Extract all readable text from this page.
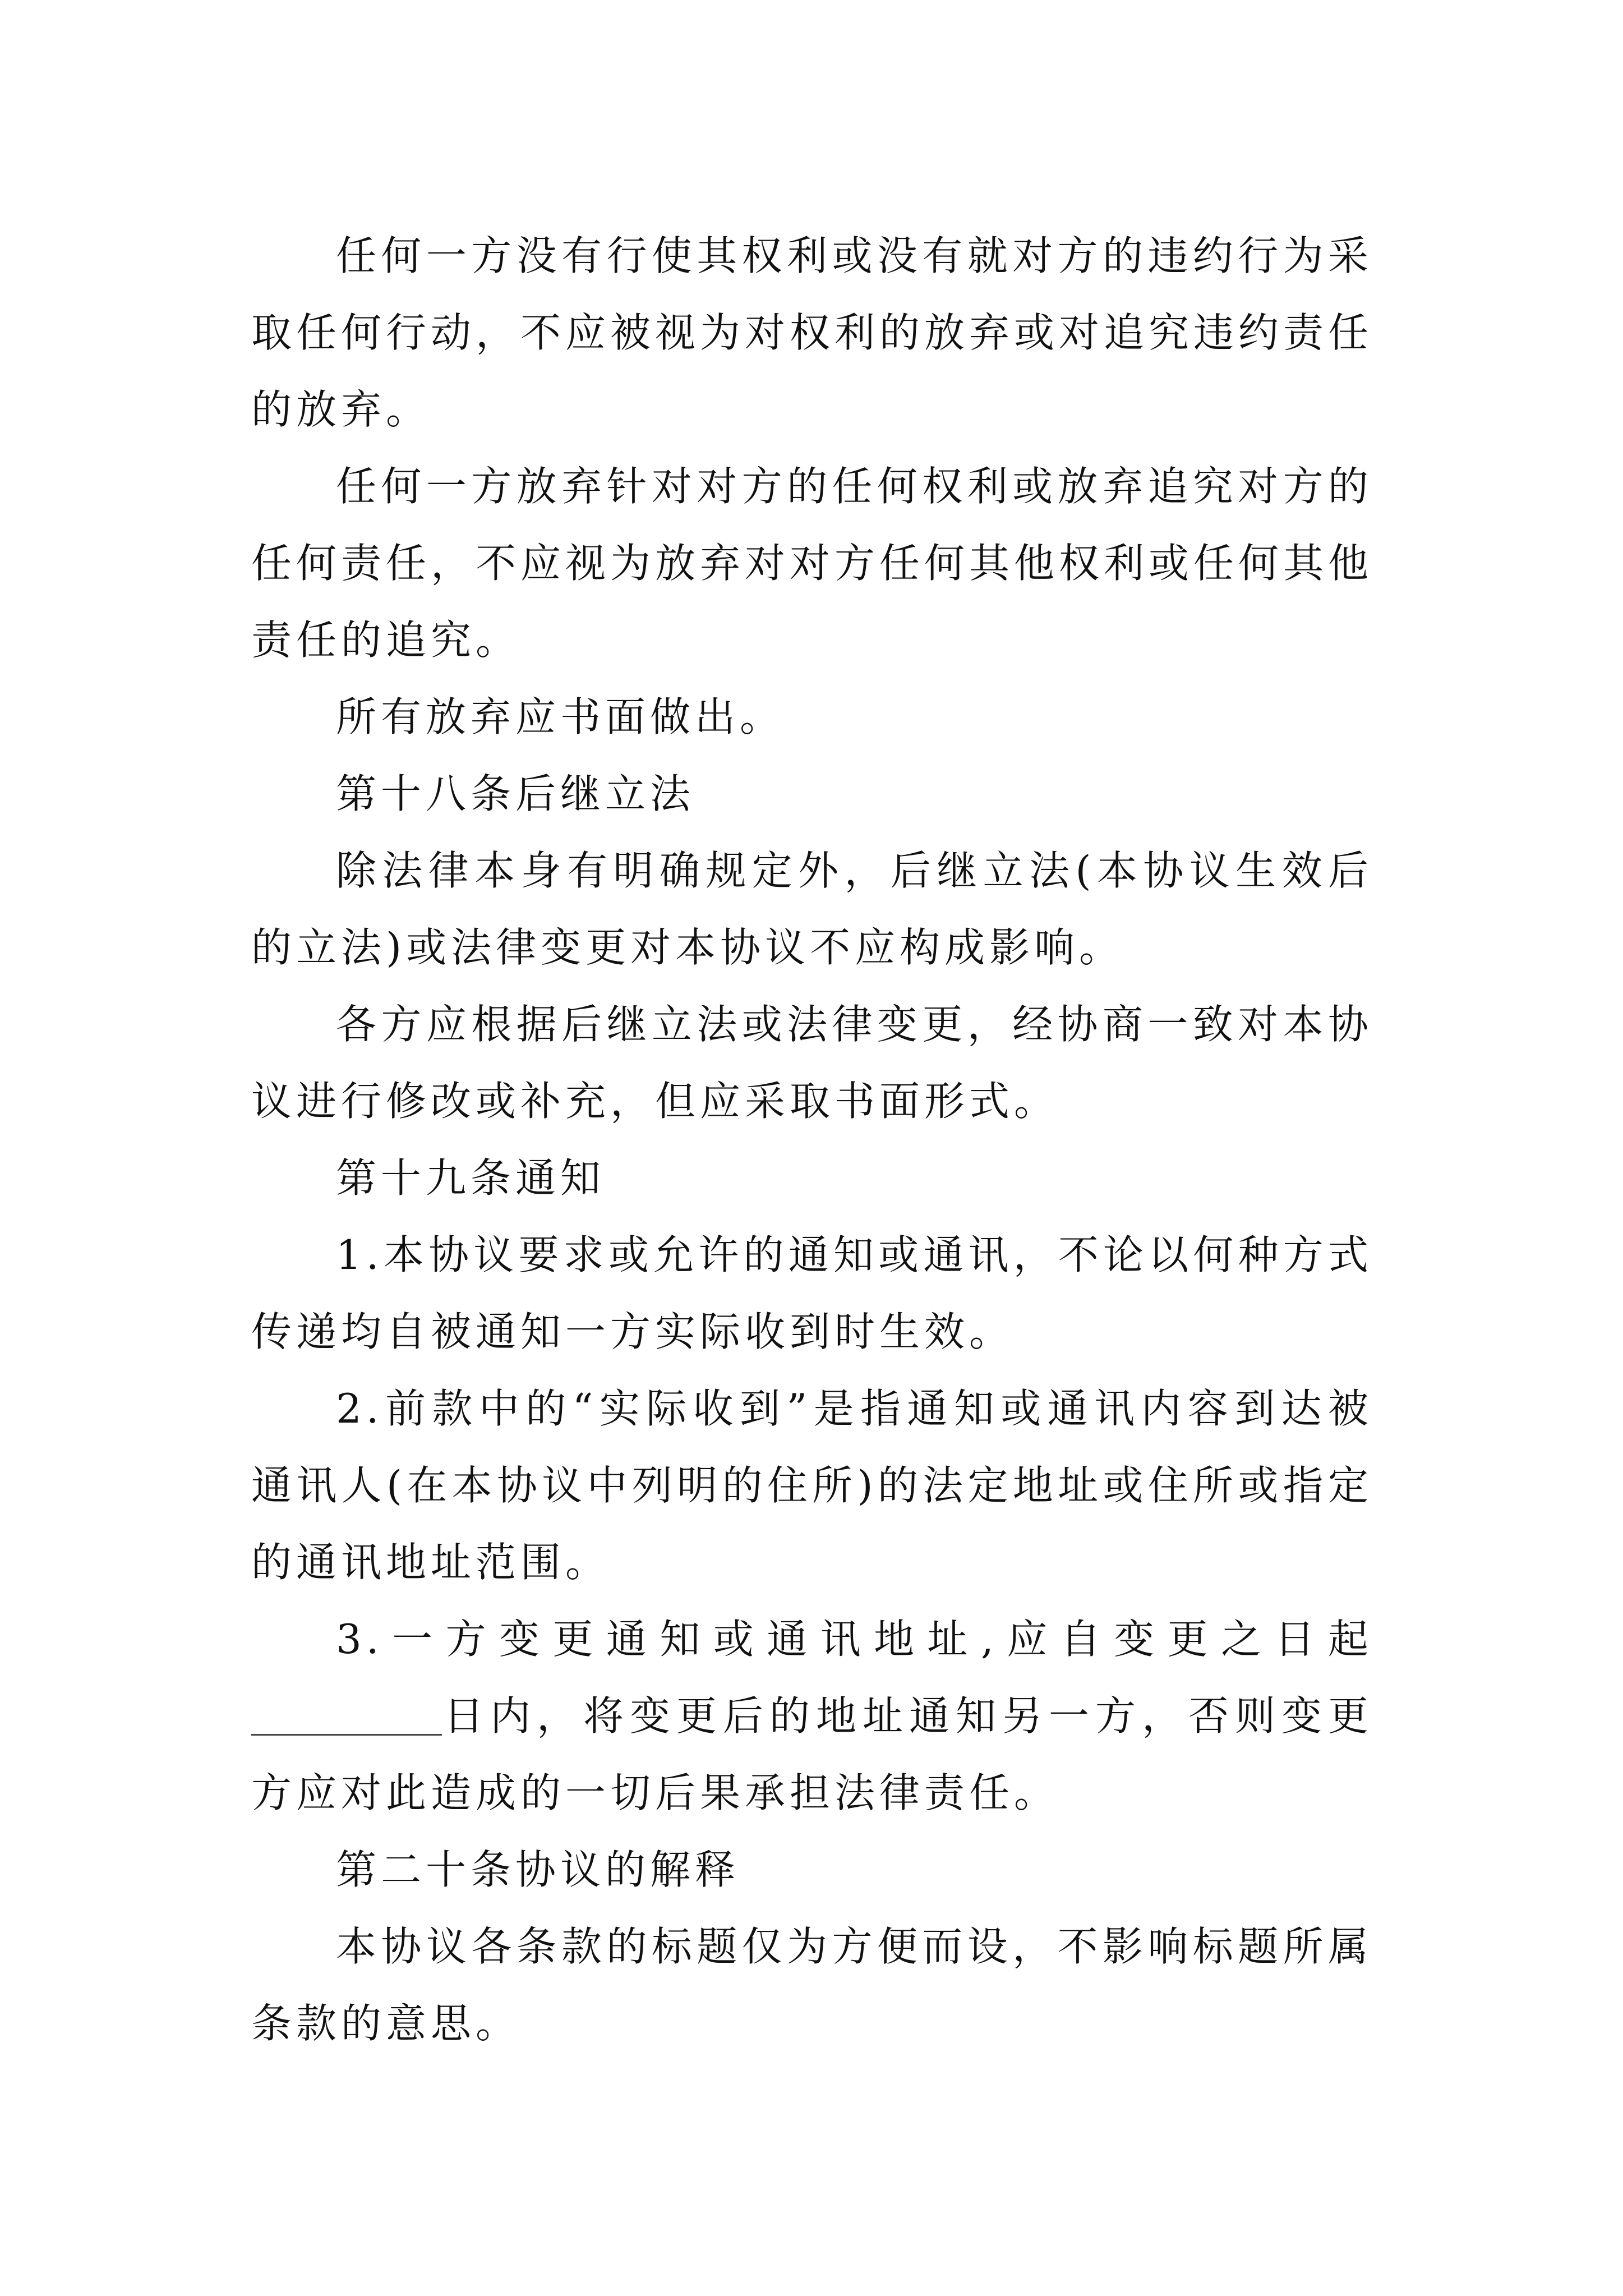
任何一方没有行使其权利或没有就对方的违约行为采取任何行动，不应被视为对权利的放弃或对追究违约责任的放弃。

任何一方放弃针对对方的任何权利或放弃追究对方的任何责任，不应视为放弃对对方任何其他权利或任何其他责任的追究。

所有放弃应书面做出。

第十八条后继立法

除法律本身有明确规定外，后继立法(本协议生效后的立法)或法律变更对本协议不应构成影响。

各方应根据后继立法或法律变更，经协商一致对本协议进行修改或补充，但应采取书面形式。

第十九条通知

1.本协议要求或允许的通知或通讯，不论以何种方式传递均自被通知一方实际收到时生效。

2.前款中的“实际收到”是指通知或通讯内容到达被通讯人(在本协议中列明的住所)的法定地址或住所或指定的通讯地址范围。

3.一方变更通知或通讯地址,应自变更之日起日内，将变更后的地址通知另一方，否则变更方应对此造成的一切后果承担法律责任。

第二十条协议的解释

本协议各条款的标题仅为方便而设，不影响标题所属条款的意思。
